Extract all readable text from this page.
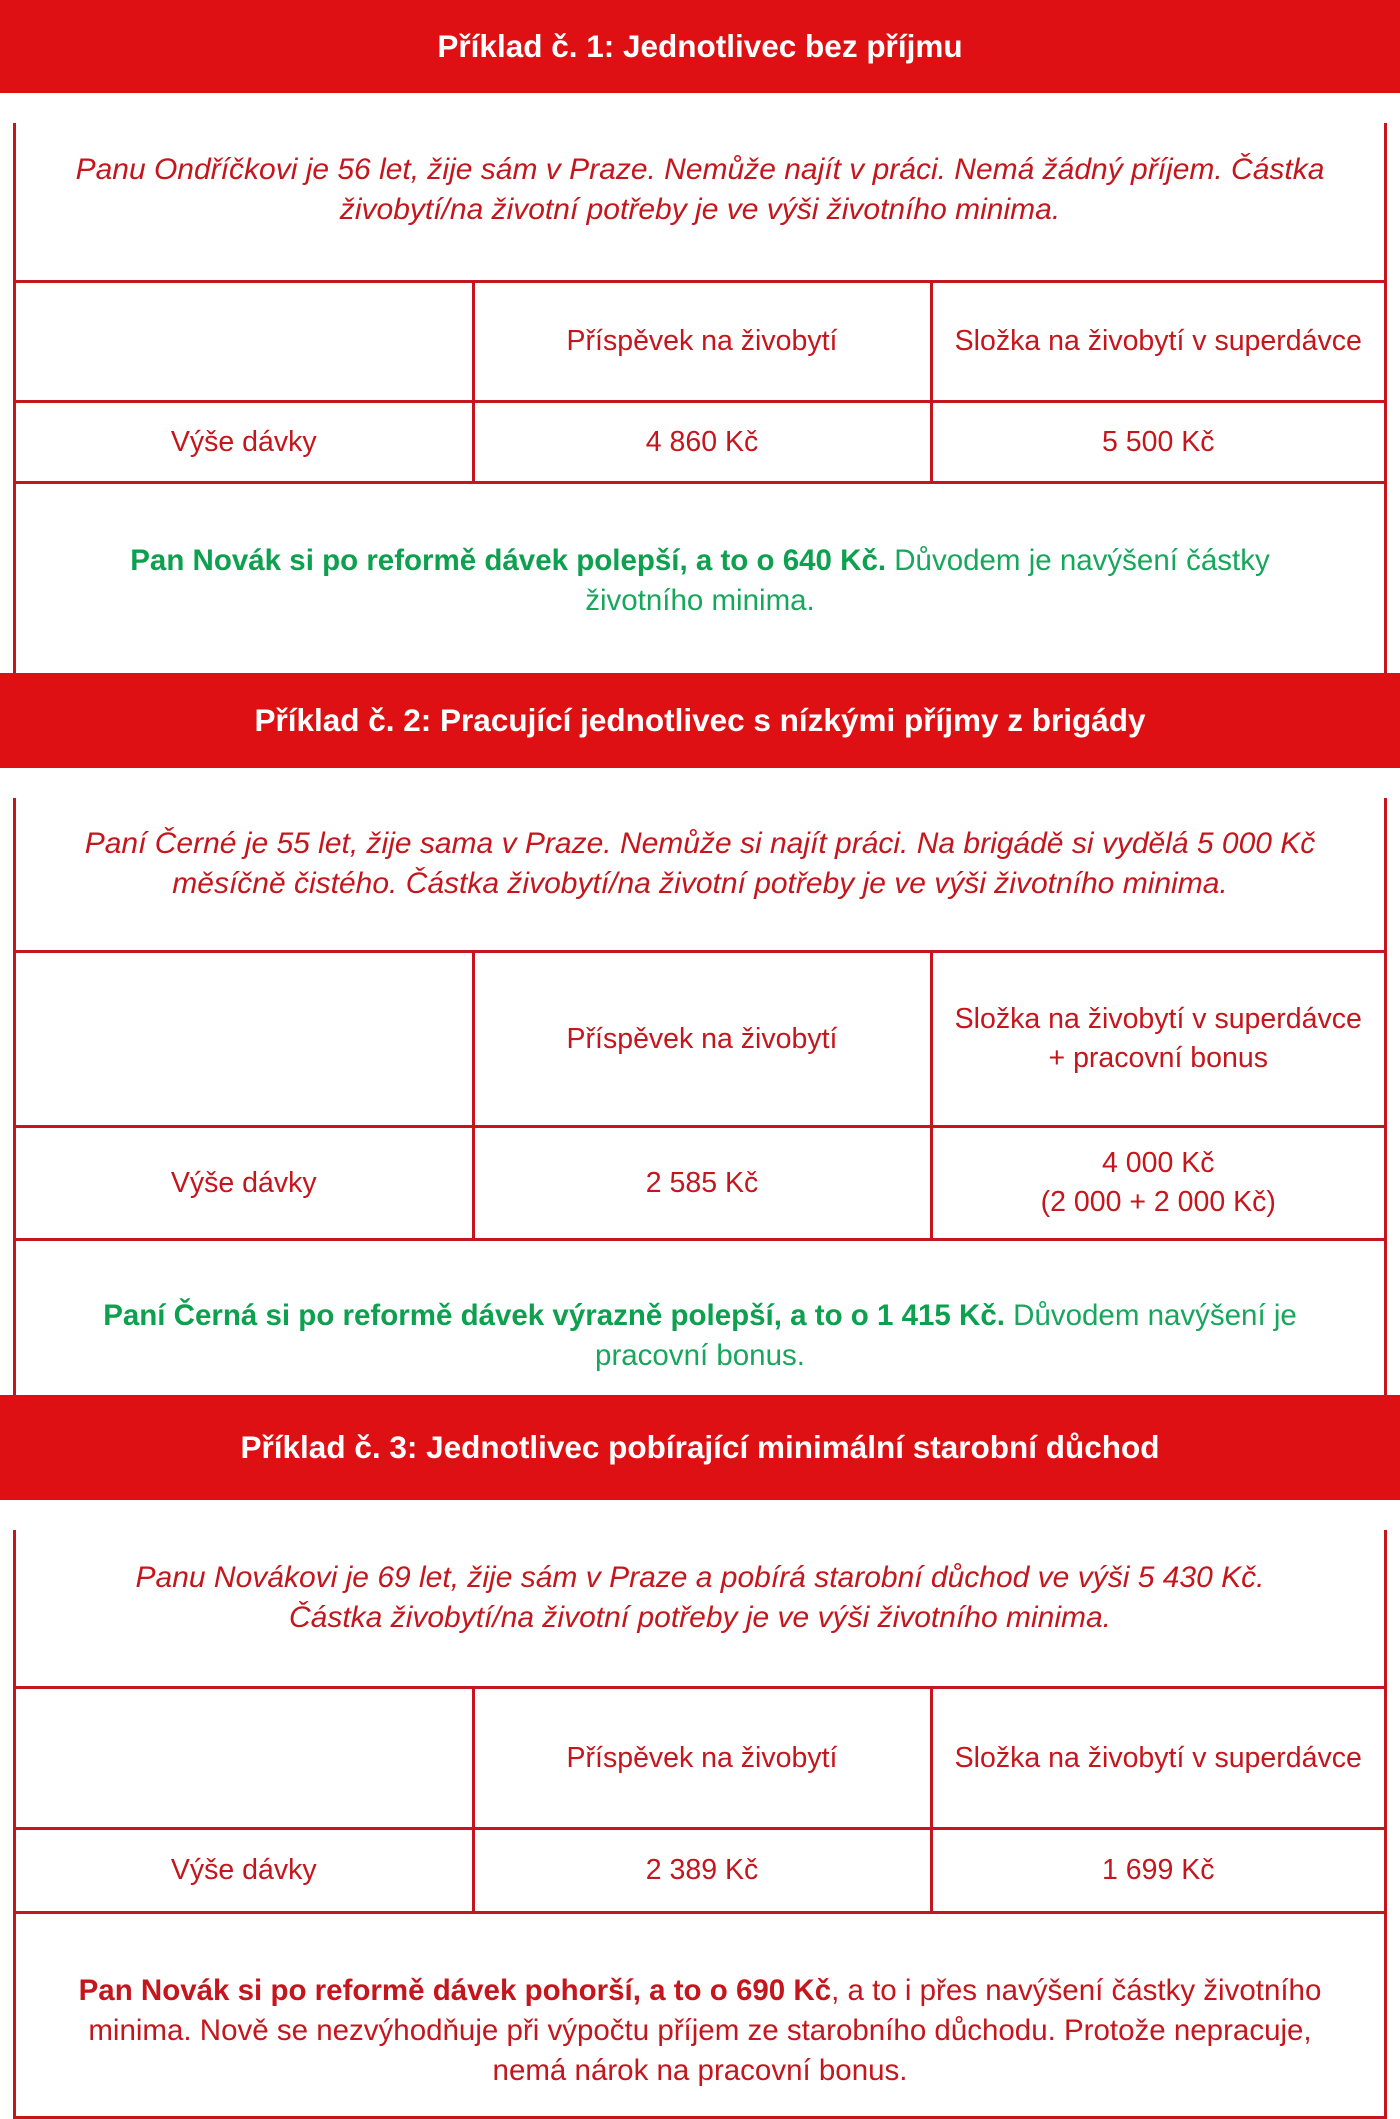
Příklad č. 1: Jednotlivec bez příjmu

Panu Ondříčkovi je 56 let, žije sám v Praze. Nemůže najít v práci. Nemá žádný příjem. Částka živobytí/na životní potřeby je ve výši životního minima.

	Příspěvek na živobytí	Složka na živobytí v superdávce
Výše dávky	4 860 Kč	5 500 Kč

Pan Novák si po reformě dávek polepší, a to o 640 Kč. Důvodem je navýšení částky životního minima.

Příklad č. 2: Pracující jednotlivec s nízkými příjmy z brigády

Paní Černé je 55 let, žije sama v Praze. Nemůže si najít práci. Na brigádě si vydělá 5 000 Kč měsíčně čistého. Částka živobytí/na životní potřeby je ve výši životního minima.

	Příspěvek na živobytí	Složka na živobytí v superdávce + pracovní bonus
Výše dávky	2 585 Kč	4 000 Kč
(2 000 + 2 000 Kč)

Paní Černá si po reformě dávek výrazně polepší, a to o 1 415 Kč. Důvodem navýšení je pracovní bonus.

Příklad č. 3: Jednotlivec pobírající minimální starobní důchod

Panu Novákovi je 69 let, žije sám v Praze a pobírá starobní důchod ve výši 5 430 Kč. Částka živobytí/na životní potřeby je ve výši životního minima.

	Příspěvek na živobytí	Složka na živobytí v superdávce
Výše dávky	2 389 Kč	1 699 Kč

Pan Novák si po reformě dávek pohorší, a to o 690 Kč, a to i přes navýšení částky životního minima. Nově se nezvýhodňuje při výpočtu příjem ze starobního důchodu. Protože nepracuje, nemá nárok na pracovní bonus.
